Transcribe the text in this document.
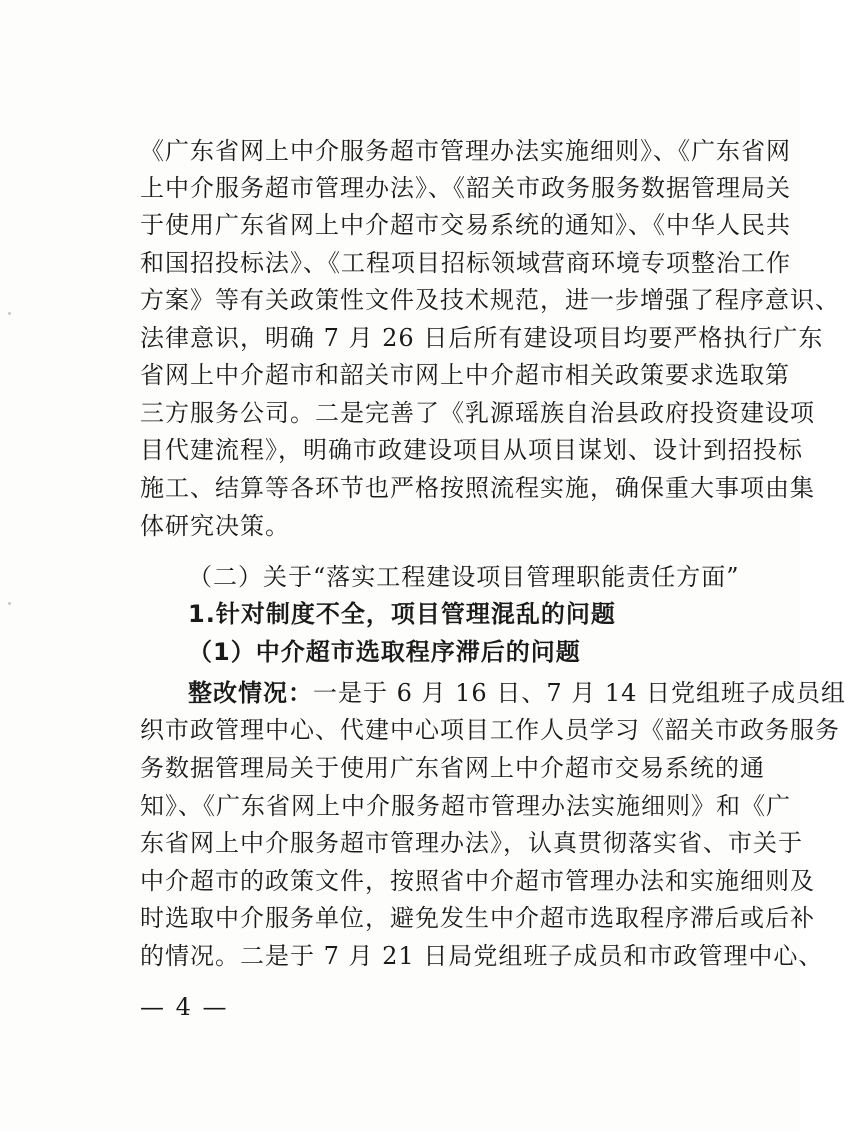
《广东省网上中介服务超市管理办法实施细则》、《广东省网
上中介服务超市管理办法》、《韶关市政务服务数据管理局关
于使用广东省网上中介超市交易系统的通知》、《中华人民共
和国招投标法》、《工程项目招标领域营商环境专项整治工作
方案》等有关政策性文件及技术规范，进一步增强了程序意识、
法律意识，明确 7 月 26 日后所有建设项目均要严格执行广东
省网上中介超市和韶关市网上中介超市相关政策要求选取第
三方服务公司。二是完善了《乳源瑶族自治县政府投资建设项
目代建流程》，明确市政建设项目从项目谋划、设计到招投标
施工、结算等各环节也严格按照流程实施，确保重大事项由集
体研究决策。
（二）关于“落实工程建设项目管理职能责任方面”
1.针对制度不全，项目管理混乱的问题
（1）中介超市选取程序滞后的问题
整改情况：一是于 6 月 16 日、7 月 14 日党组班子成员组
织市政管理中心、代建中心项目工作人员学习《韶关市政务服务
务数据管理局关于使用广东省网上中介超市交易系统的通
知》、《广东省网上中介服务超市管理办法实施细则》和《广
东省网上中介服务超市管理办法》，认真贯彻落实省、市关于
中介超市的政策文件，按照省中介超市管理办法和实施细则及
时选取中介服务单位，避免发生中介超市选取程序滞后或后补
的情况。二是于 7 月 21 日局党组班子成员和市政管理中心、
— 4 —
